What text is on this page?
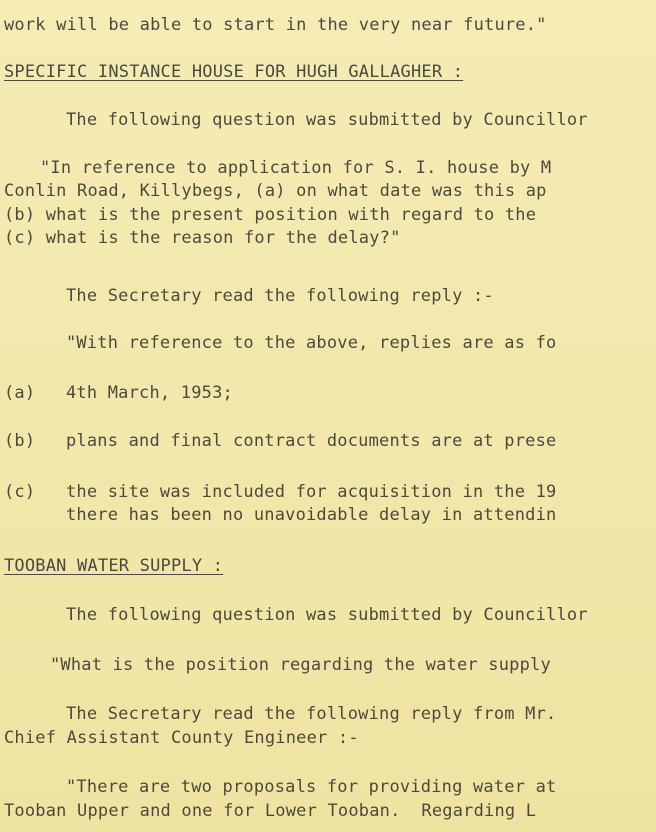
work will be able to start in the very near future."
SPECIFIC INSTANCE HOUSE FOR HUGH GALLAGHER :
The following question was submitted by Councillor
"In reference to application for S. I. house by M
Conlin Road, Killybegs, (a) on what date was this ap
(b) what is the present position with regard to the
(c) what is the reason for the delay?"
The Secretary read the following reply :-
"With reference to the above, replies are as fo
(a) 4th March, 1953;
(b) plans and final contract documents are at prese
(c) the site was included for acquisition in the 19
there has been no unavoidable delay in attendin
TOOBAN WATER SUPPLY :
The following question was submitted by Councillor
"What is the position regarding the water supply
The Secretary read the following reply from Mr.
Chief Assistant County Engineer :-
"There are two proposals for providing water at
Tooban Upper and one for Lower Tooban.  Regarding L
